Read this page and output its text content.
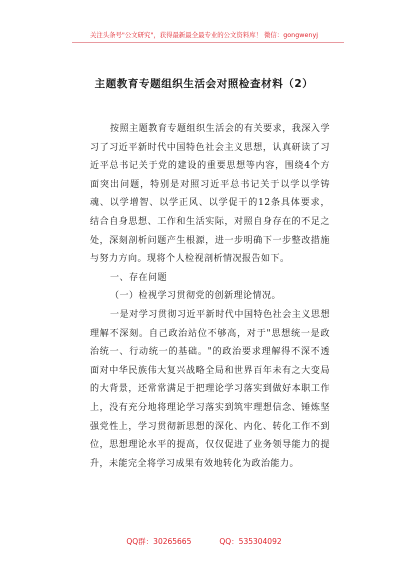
关注头条号"公文研究"，获得最新最全最专业的公文资料库！ 微信：gongwenyj
主题教育专题组织生活会对照检查材料（2）

按照主题教育专题组织生活会的有关要求，我深入学习了习近平新时代中国特色社会主义思想，认真研读了习近平总书记关于党的建设的重要思想等内容，围绕4个方面突出问题，特别是对照习近平总书记关于以学以学铸魂、以学增智、以学正风、以学促干的12条具体要求，结合自身思想、工作和生活实际，对照自身存在的不足之处，深刻剖析问题产生根源，进一步明确下一步整改措施与努力方向。现将个人检视剖析情况报告如下。

一、存在问题

（一）检视学习贯彻党的创新理论情况。

一是对学习贯彻习近平新时代中国特色社会主义思想理解不深刻。自己政治站位不够高，对于"思想统一是政治统一、行动统一的基础。"的政治要求理解得不深不透面对中华民族伟大复兴战略全局和世界百年未有之大变局的大背景，还常常满足于把理论学习落实到做好本职工作上，没有充分地将理论学习落实到筑牢理想信念、锤炼坚强党性上，学习贯彻新思想的深化、内化、转化工作不到位，思想理论水平的提高，仅仅促进了业务领导能力的提升，未能完全将学习成果有效地转化为政治能力。

QQ群：30265665	QQ：535304092
